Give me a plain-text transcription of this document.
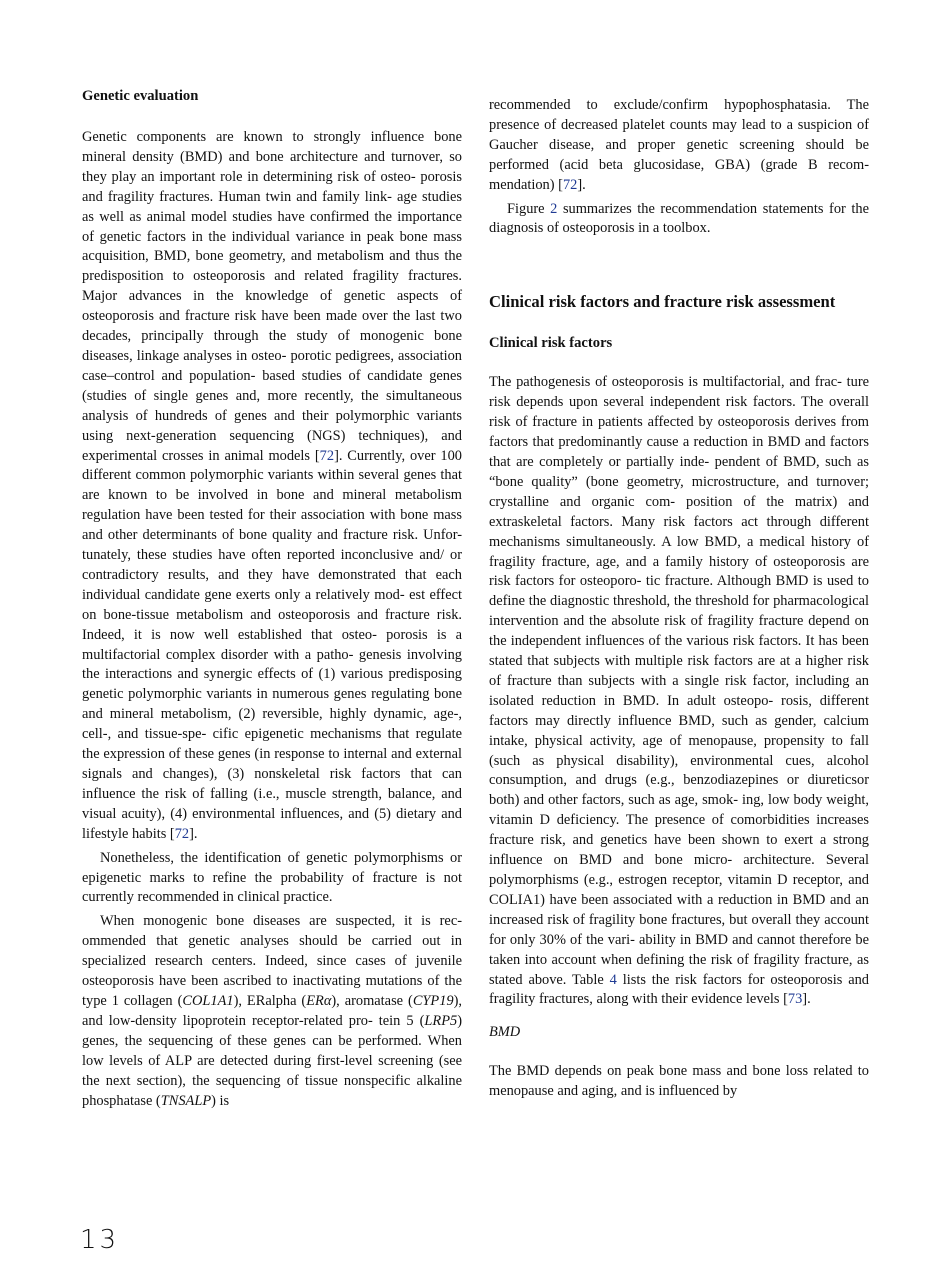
Genetic evaluation

Genetic components are known to strongly influence bone mineral density (BMD) and bone architecture and turnover, so they play an important role in determining risk of osteo- porosis and fragility fractures. Human twin and family link- age studies as well as animal model studies have confirmed the importance of genetic factors in the individual variance in peak bone mass acquisition, BMD, bone geometry, and metabolism and thus the predisposition to osteoporosis and related fragility fractures. Major advances in the knowledge of genetic aspects of osteoporosis and fracture risk have been made over the last two decades, principally through the study of monogenic bone diseases, linkage analyses in osteo- porotic pedigrees, association case–control and population- based studies of candidate genes (studies of single genes and, more recently, the simultaneous analysis of hundreds of genes and their polymorphic variants using next-generation sequencing (NGS) techniques), and experimental crosses in animal models [72]. Currently, over 100 different common polymorphic variants within several genes that are known to be involved in bone and mineral metabolism regulation have been tested for their association with bone mass and other determinants of bone quality and fracture risk. Unfor- tunately, these studies have often reported inconclusive and/ or contradictory results, and they have demonstrated that each individual candidate gene exerts only a relatively mod- est effect on bone-tissue metabolism and osteoporosis and fracture risk. Indeed, it is now well established that osteo- porosis is a multifactorial complex disorder with a patho- genesis involving the interactions and synergic effects of (1) various predisposing genetic polymorphic variants in numerous genes regulating bone and mineral metabolism, (2) reversible, highly dynamic, age-, cell-, and tissue-spe- cific epigenetic mechanisms that regulate the expression of these genes (in response to internal and external signals and changes), (3) nonskeletal risk factors that can influence the risk of falling (i.e., muscle strength, balance, and visual acuity), (4) environmental influences, and (5) dietary and lifestyle habits [72].

Nonetheless, the identification of genetic polymorphisms or epigenetic marks to refine the probability of fracture is not currently recommended in clinical practice.

When monogenic bone diseases are suspected, it is rec- ommended that genetic analyses should be carried out in specialized research centers. Indeed, since cases of juvenile osteoporosis have been ascribed to inactivating mutations of the type 1 collagen (COL1A1), ERalpha (ERα), aromatase (CYP19), and low-density lipoprotein receptor-related pro- tein 5 (LRP5) genes, the sequencing of these genes can be performed. When low levels of ALP are detected during first-level screening (see the next section), the sequencing of tissue nonspecific alkaline phosphatase (TNSALP) is

recommended to exclude/confirm hypophosphatasia. The presence of decreased platelet counts may lead to a suspicion of Gaucher disease, and proper genetic screening should be performed (acid beta glucosidase, GBA) (grade B recom- mendation) [72].

Figure 2 summarizes the recommendation statements for the diagnosis of osteoporosis in a toolbox.

Clinical risk factors and fracture risk assessment

Clinical risk factors

The pathogenesis of osteoporosis is multifactorial, and frac- ture risk depends upon several independent risk factors. The overall risk of fracture in patients affected by osteoporosis derives from factors that predominantly cause a reduction in BMD and factors that are completely or partially inde- pendent of BMD, such as “bone quality” (bone geometry, microstructure, and turnover; crystalline and organic com- position of the matrix) and extraskeletal factors. Many risk factors act through different mechanisms simultaneously. A low BMD, a medical history of fragility fracture, age, and a family history of osteoporosis are risk factors for osteoporo- tic fracture. Although BMD is used to define the diagnostic threshold, the threshold for pharmacological intervention and the absolute risk of fragility fracture depend on the independent influences of the various risk factors. It has been stated that subjects with multiple risk factors are at a higher risk of fracture than subjects with a single risk factor, including an isolated reduction in BMD. In adult osteopo- rosis, different factors may directly influence BMD, such as gender, calcium intake, physical activity, age of menopause, propensity to fall (such as physical disability), environmental cues, alcohol consumption, and drugs (e.g., benzodiazepines or diureticsor both) and other factors, such as age, smok- ing, low body weight, vitamin D deficiency. The presence of comorbidities increases fracture risk, and genetics have been shown to exert a strong influence on BMD and bone micro- architecture. Several polymorphisms (e.g., estrogen receptor, vitamin D receptor, and COLIA1) have been associated with a reduction in BMD and an increased risk of fragility bone fractures, but overall they account for only 30% of the vari- ability in BMD and cannot therefore be taken into account when defining the risk of fragility fracture, as stated above. Table 4 lists the risk factors for osteoporosis and fragility fractures, along with their evidence levels [73].

BMD

The BMD depends on peak bone mass and bone loss related to menopause and aging, and is influenced by

13
